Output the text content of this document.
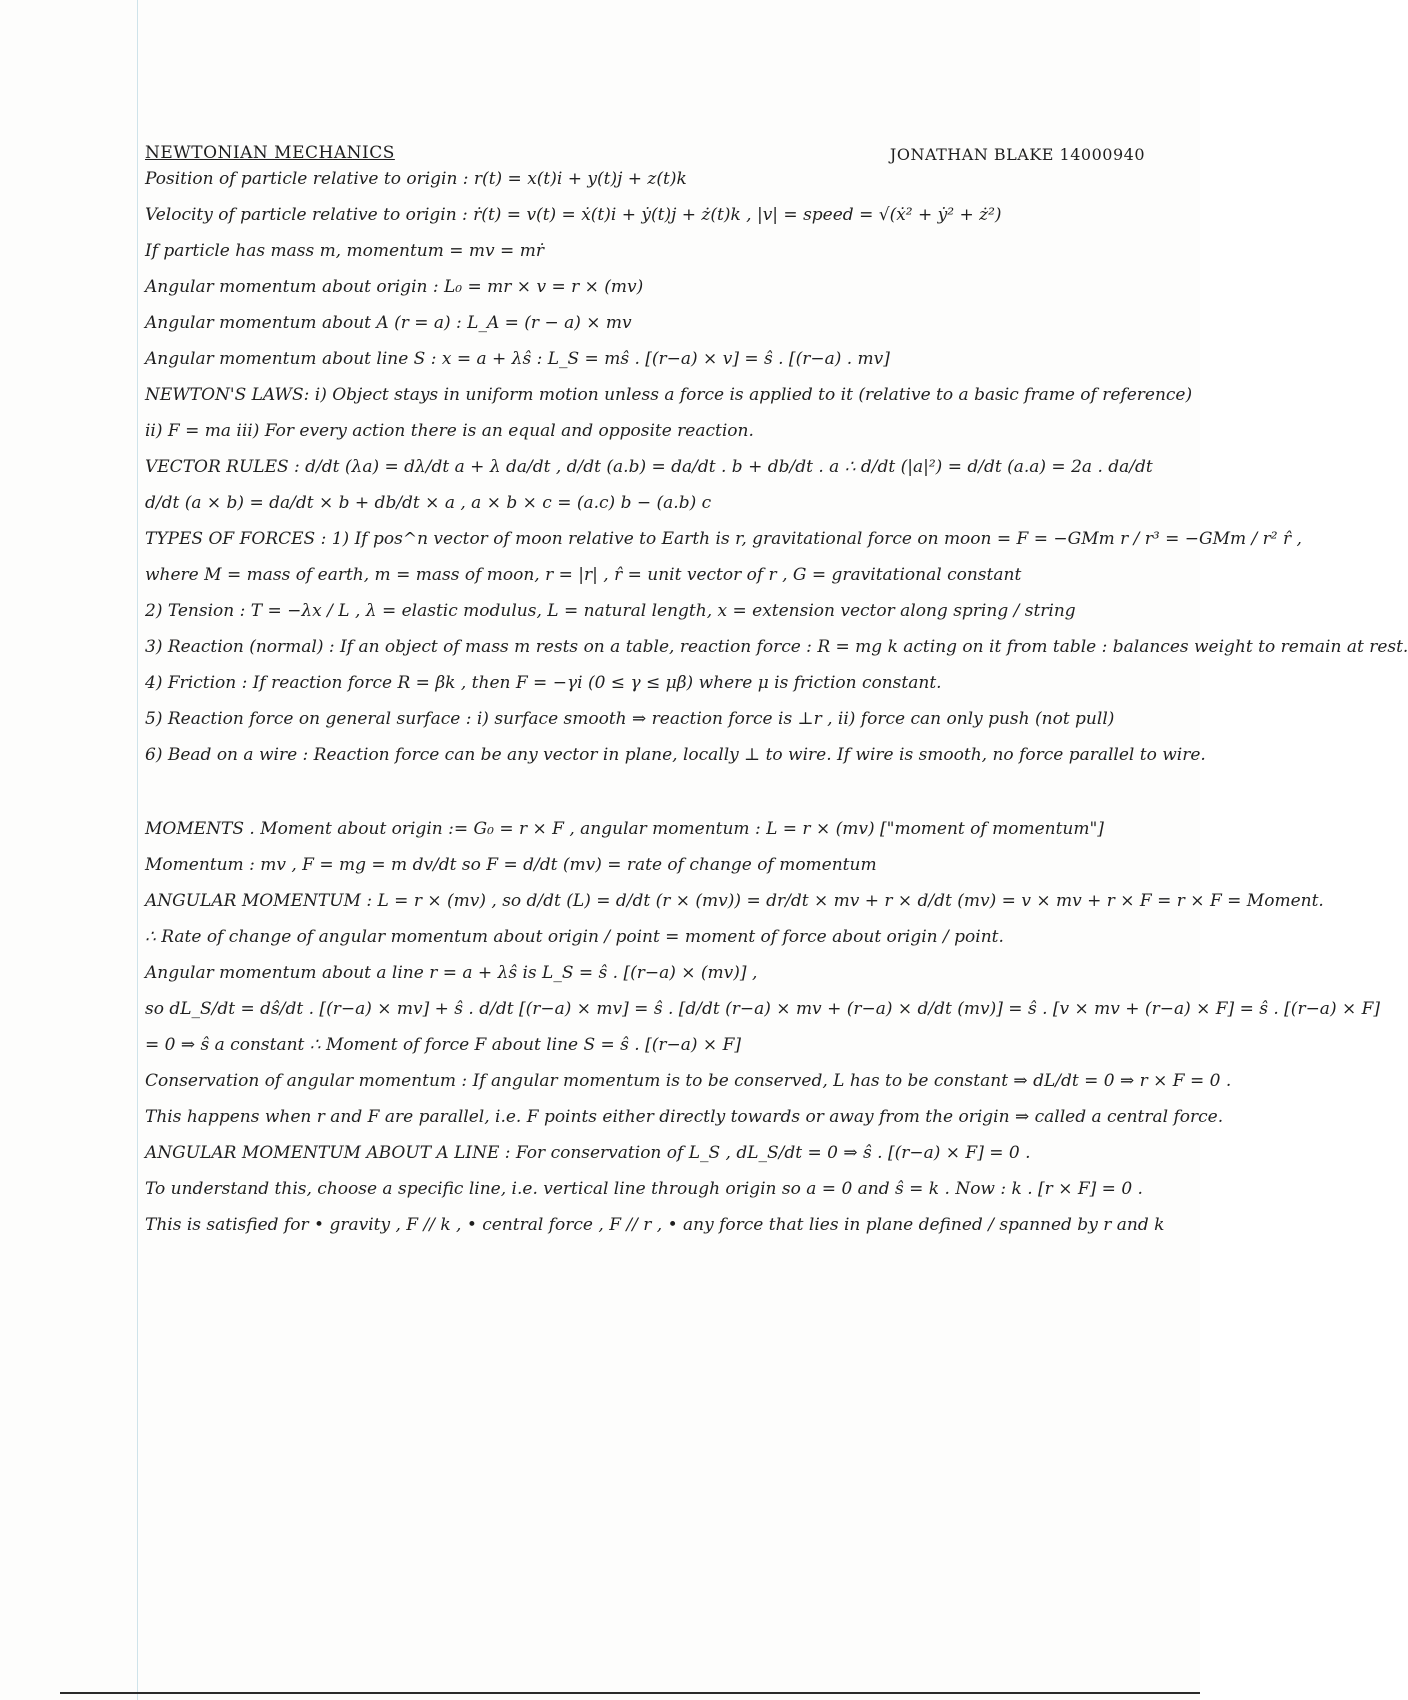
NEWTONIAN MECHANICS	JONATHAN BLAKE 14000940
Position of particle relative to origin : r(t) = x(t)i + y(t)j + z(t)k
Velocity of particle relative to origin : ṙ(t) = v(t) = ẋ(t)i + ẏ(t)j + ż(t)k , |v| = speed = √(ẋ² + ẏ² + ż²)
If particle has mass m, momentum = mv = mṙ
Angular momentum about origin : L₀ = mr × v = r × (mv)
Angular momentum about A (r = a) : L_A = (r − a) × mv
Angular momentum about line S : x = a + λŝ : L_S = mŝ . [(r−a) × v] = ŝ . [(r−a) . mv]
NEWTON'S LAWS: i) Object stays in uniform motion unless a force is applied to it (relative to a basic frame of reference)
ii) F = ma iii) For every action there is an equal and opposite reaction.
VECTOR RULES : d/dt (λa) = dλ/dt a + λ da/dt , d/dt (a.b) = da/dt . b + db/dt . a ∴ d/dt (|a|²) = d/dt (a.a) = 2a . da/dt
d/dt (a × b) = da/dt × b + db/dt × a , a × b × c = (a.c) b − (a.b) c
TYPES OF FORCES : 1) If pos^n vector of moon relative to Earth is r, gravitational force on moon = F = −GMm r / r³ = −GMm / r² r̂ ,
where M = mass of earth, m = mass of moon, r = |r| , r̂ = unit vector of r , G = gravitational constant
2) Tension : T = −λx / L , λ = elastic modulus, L = natural length, x = extension vector along spring / string
3) Reaction (normal) : If an object of mass m rests on a table, reaction force : R = mg k acting on it from table : balances weight to remain at rest.
4) Friction : If reaction force R = βk , then F = −γi (0 ≤ γ ≤ μβ) where μ is friction constant.
5) Reaction force on general surface : i) surface smooth ⇒ reaction force is ⊥r , ii) force can only push (not pull)
6) Bead on a wire : Reaction force can be any vector in plane, locally ⊥ to wire. If wire is smooth, no force parallel to wire.
MOMENTS . Moment about origin := G₀ = r × F , angular momentum : L = r × (mv) ["moment of momentum"]
Momentum : mv , F = mg = m dv/dt so F = d/dt (mv) = rate of change of momentum
ANGULAR MOMENTUM : L = r × (mv) , so d/dt (L) = d/dt (r × (mv)) = dr/dt × mv + r × d/dt (mv) = v × mv + r × F = r × F = Moment.
∴ Rate of change of angular momentum about origin / point = moment of force about origin / point.
Angular momentum about a line r = a + λŝ is L_S = ŝ . [(r−a) × (mv)] ,
so dL_S/dt = dŝ/dt . [(r−a) × mv] + ŝ . d/dt [(r−a) × mv] = ŝ . [d/dt (r−a) × mv + (r−a) × d/dt (mv)] = ŝ . [v × mv + (r−a) × F] = ŝ . [(r−a) × F]
= 0 ⇒ ŝ a constant ∴ Moment of force F about line S = ŝ . [(r−a) × F]
Conservation of angular momentum : If angular momentum is to be conserved, L has to be constant ⇒ dL/dt = 0 ⇒ r × F = 0 .
This happens when r and F are parallel, i.e. F points either directly towards or away from the origin ⇒ called a central force.
ANGULAR MOMENTUM ABOUT A LINE : For conservation of L_S , dL_S/dt = 0 ⇒ ŝ . [(r−a) × F] = 0 .
To understand this, choose a specific line, i.e. vertical line through origin so a = 0 and ŝ = k . Now : k . [r × F] = 0 .
This is satisfied for • gravity , F // k , • central force , F // r , • any force that lies in plane defined / spanned by r and k
